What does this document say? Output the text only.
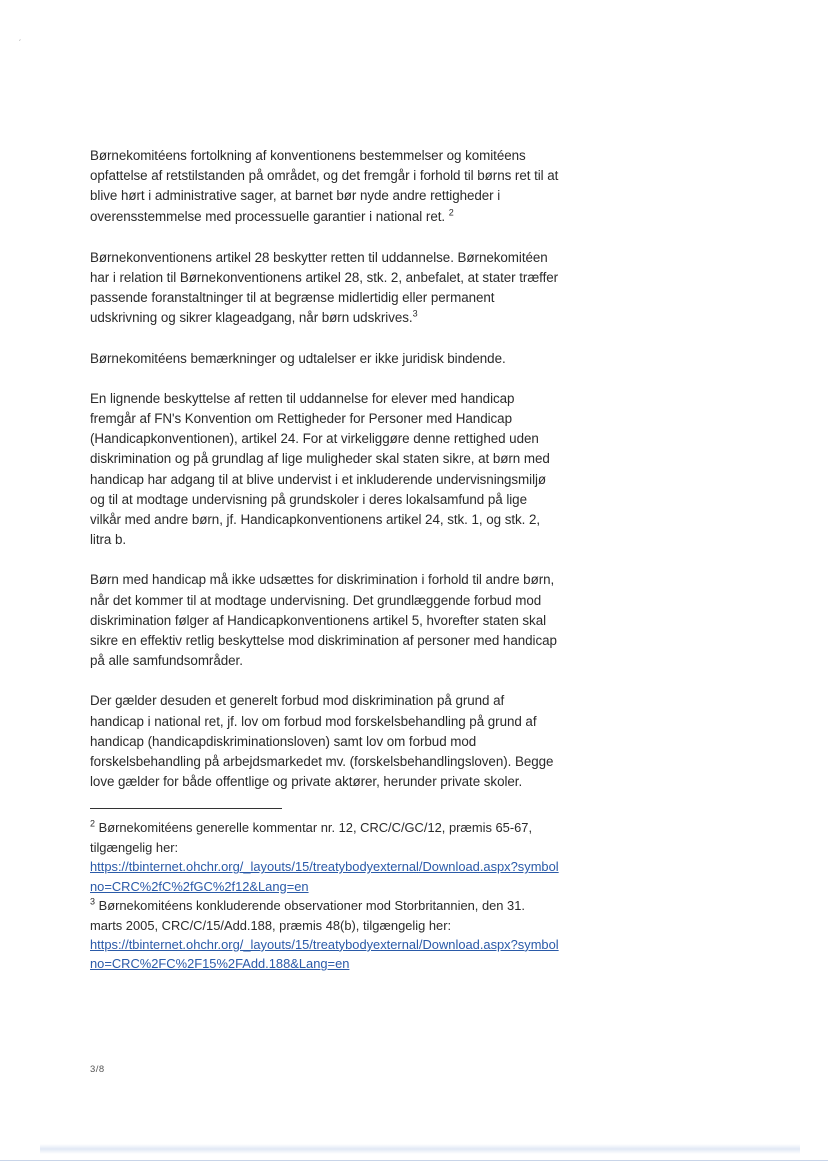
ˏ

Børnekomitéens fortolkning af konventionens bestemmelser og komitéens opfattelse af retstilstanden på området, og det fremgår i forhold til børns ret til at blive hørt i administrative sager, at barnet bør nyde andre rettigheder i overensstemmelse med processuelle garantier i national ret. $^2$

Børnekonventionens artikel 28 beskytter retten til uddannelse. Børnekomitéen har i relation til Børnekonventionens artikel 28, stk. 2, anbefalet, at stater træffer passende foranstaltninger til at begrænse midlertidig eller permanent udskrivning og sikrer klageadgang, når børn udskrives.$^3$

Børnekomitéens bemærkninger og udtalelser er ikke juridisk bindende.

En lignende beskyttelse af retten til uddannelse for elever med handicap fremgår af FN's Konvention om Rettigheder for Personer med Handicap (Handicapkonventionen), artikel 24. For at virkeliggøre denne rettighed uden diskrimination og på grundlag af lige muligheder skal staten sikre, at børn med handicap har adgang til at blive undervist i et inkluderende undervisningsmiljø og til at modtage undervisning på grundskoler i deres lokalsamfund på lige vilkår med andre børn, jf. Handicapkonventionens artikel 24, stk. 1, og stk. 2, litra b.

Børn med handicap må ikke udsættes for diskrimination i forhold til andre børn, når det kommer til at modtage undervisning. Det grundlæggende forbud mod diskrimination følger af Handicapkonventionens artikel 5, hvorefter staten skal sikre en effektiv retlig beskyttelse mod diskrimination af personer med handicap på alle samfundsområder.

Der gælder desuden et generelt forbud mod diskrimination på grund af handicap i national ret, jf. lov om forbud mod forskelsbehandling på grund af handicap (handicapdiskriminationsloven) samt lov om forbud mod forskelsbehandling på arbejdsmarkedet mv. (forskelsbehandlingsloven). Begge love gælder for både offentlige og private aktører, herunder private skoler.

$^2$ Børnekomitéens generelle kommentar nr. 12, CRC/C/GC/12, præmis 65-67, tilgængelig her:
https://tbinternet.ohchr.org/_layouts/15/treatybodyexternal/Download.aspx?symbolno=CRC%2fC%2fGC%2f12&Lang=en

$^3$ Børnekomitéens konkluderende observationer mod Storbritannien, den 31. marts 2005, CRC/C/15/Add.188, præmis 48(b), tilgængelig her:
https://tbinternet.ohchr.org/_layouts/15/treatybodyexternal/Download.aspx?symbolno=CRC%2FC%2F15%2FAdd.188&Lang=en

3/8
